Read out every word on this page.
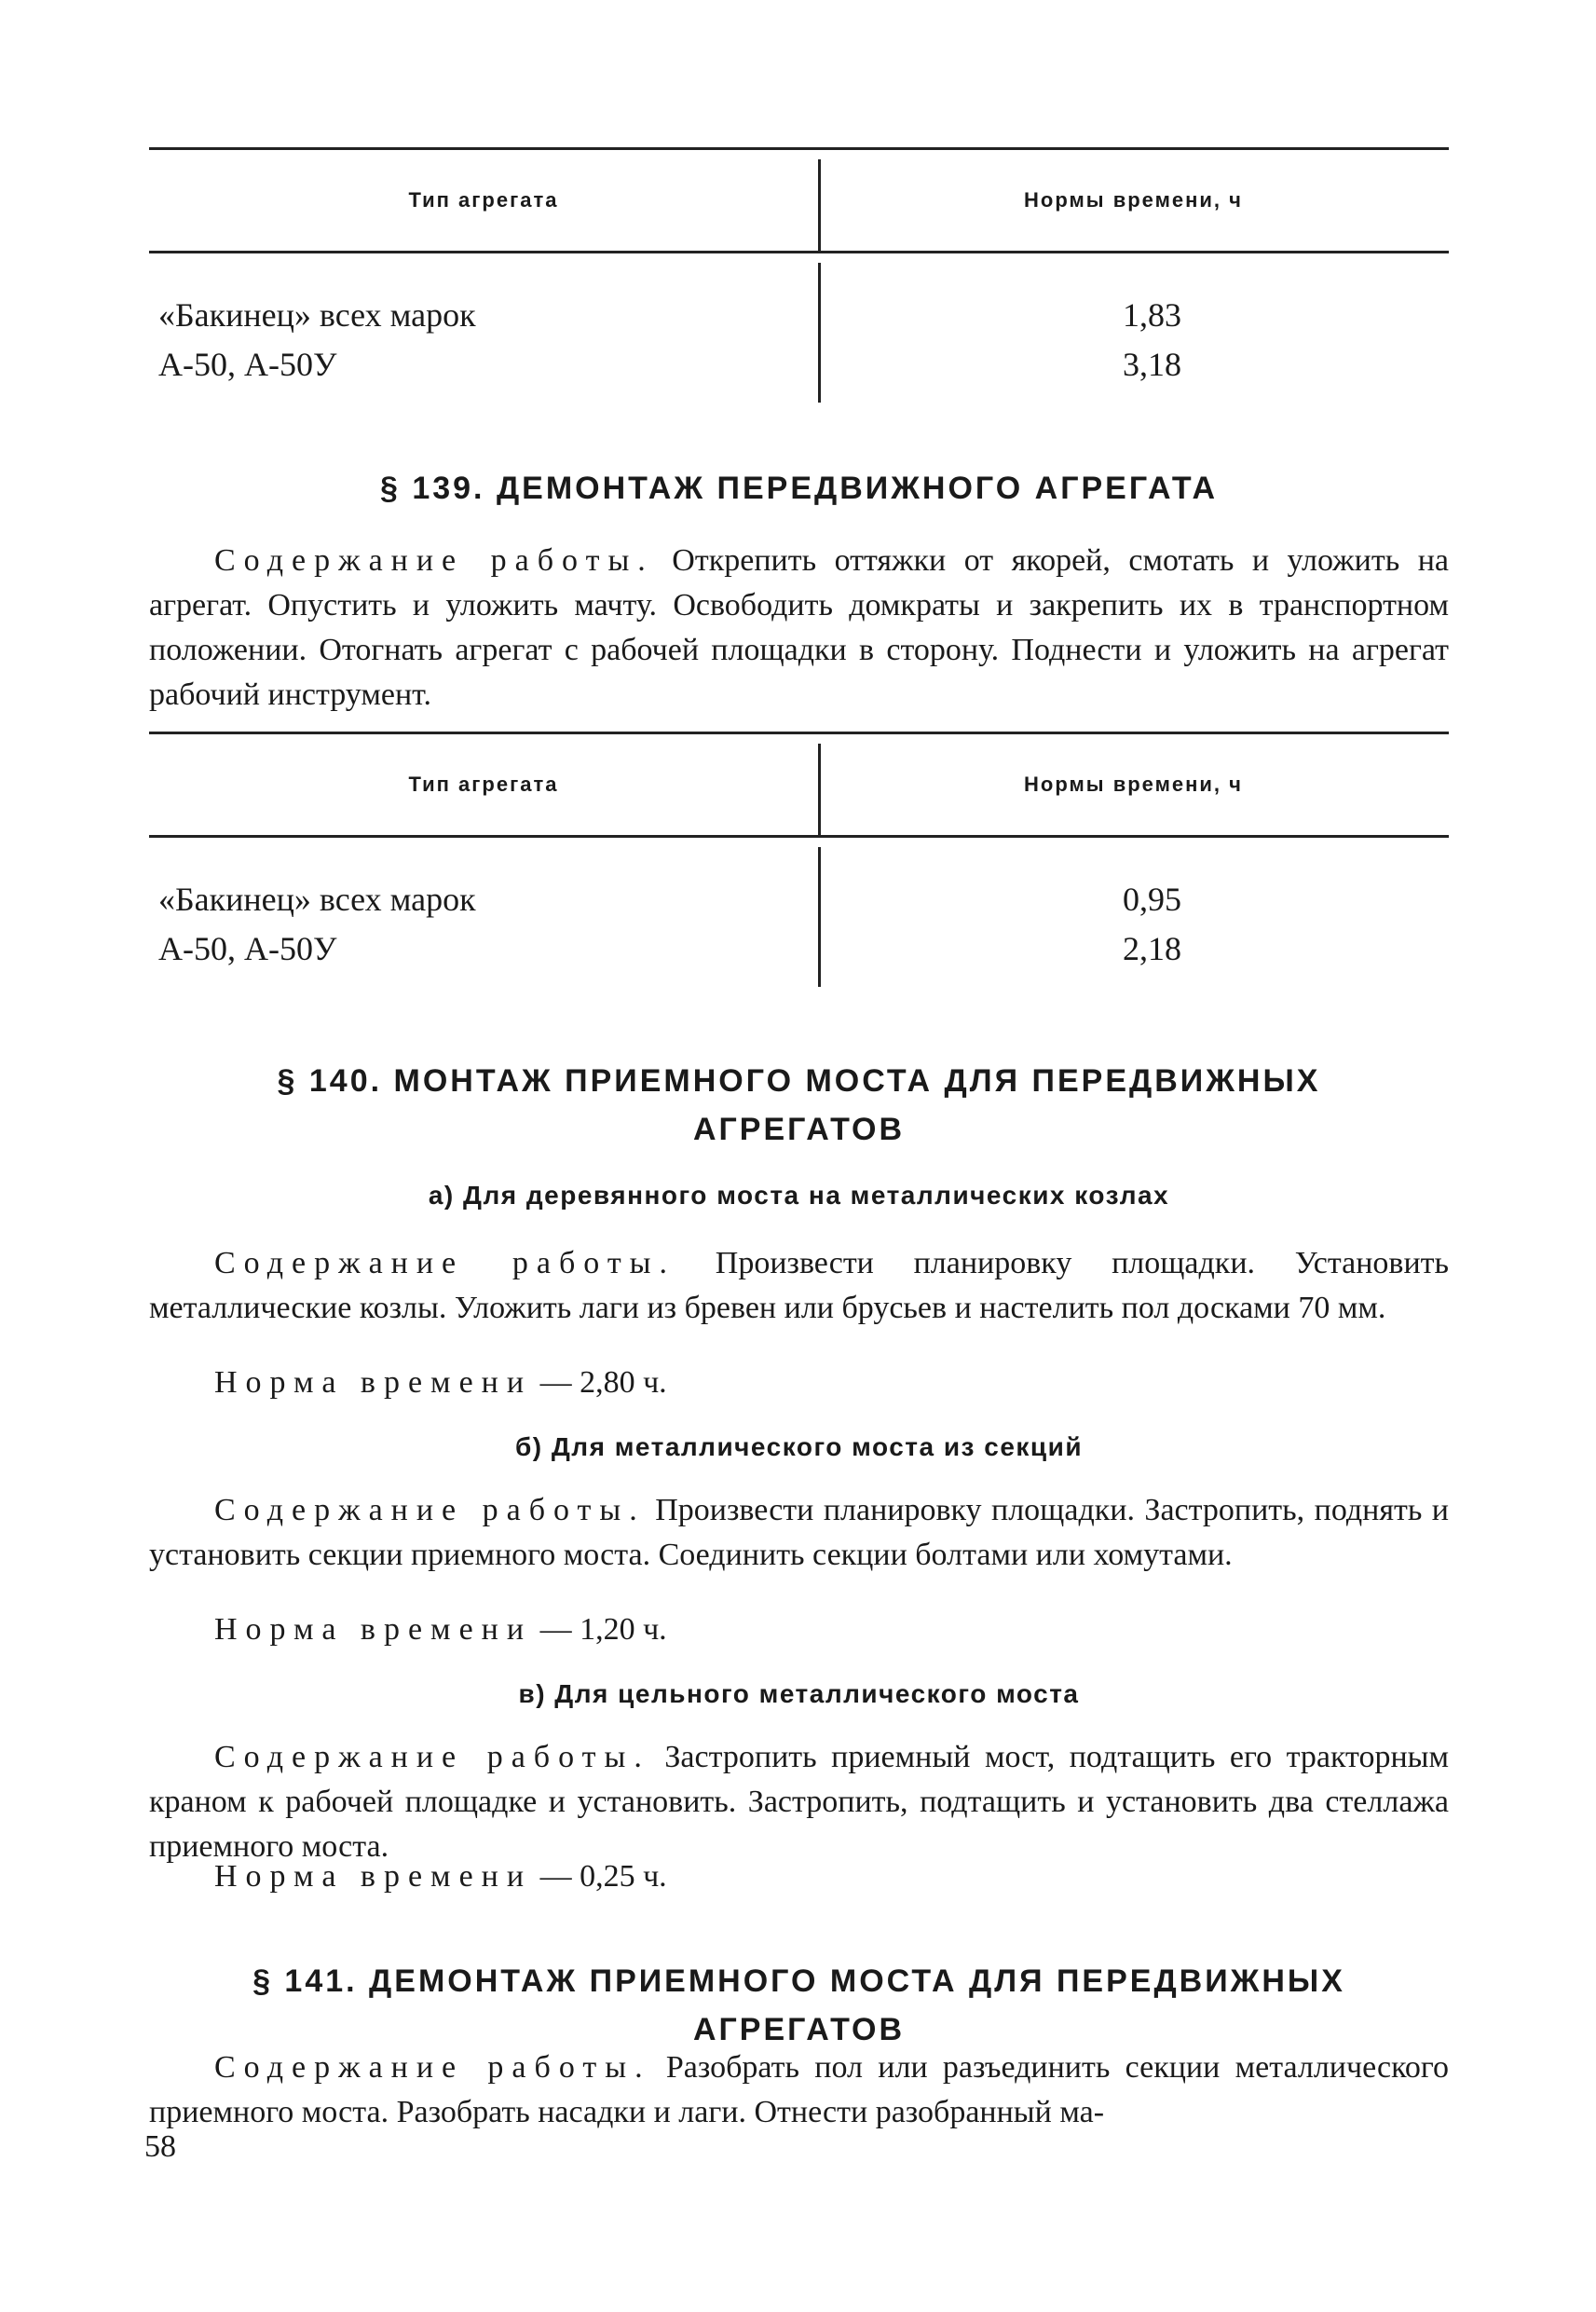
Тип агрегата	Нормы времени, ч
«Бакинец» всех марок
А-50, А-50У
1,83
3,18
§ 139. ДЕМОНТАЖ ПЕРЕДВИЖНОГО АГРЕГАТА
Содержание работы. Открепить оттяжки от якорей, смотать и уложить на агрегат. Опустить и уложить мачту. Освободить домкраты и закрепить их в транспортном положении. Отогнать агрегат с рабочей площадки в сторону. Поднести и уложить на агрегат рабочий инструмент.
Тип агрегата	Нормы времени, ч
«Бакинец» всех марок
А-50, А-50У
0,95
2,18
§ 140. МОНТАЖ ПРИЕМНОГО МОСТА ДЛЯ ПЕРЕДВИЖНЫХ
АГРЕГАТОВ
а) Для деревянного моста на металлических козлах
Содержание работы. Произвести планировку площадки. Установить металлические козлы. Уложить лаги из бревен или брусьев и настелить пол досками 70 мм.
Норма времени — 2,80 ч.
б) Для металлического моста из секций
Содержание работы. Произвести планировку площадки. Застропить, поднять и установить секции приемного моста. Соединить секции болтами или хомутами.
Норма времени — 1,20 ч.
в) Для цельного металлического моста
Содержание работы. Застропить приемный мост, подтащить его тракторным краном к рабочей площадке и установить. Застропить, подтащить и установить два стеллажа приемного моста.
Норма времени — 0,25 ч.
§ 141. ДЕМОНТАЖ ПРИЕМНОГО МОСТА ДЛЯ ПЕРЕДВИЖНЫХ
АГРЕГАТОВ
Содержание работы. Разобрать пол или разъединить секции металлического приемного моста. Разобрать насадки и лаги. Отнести разобранный ма-
58
